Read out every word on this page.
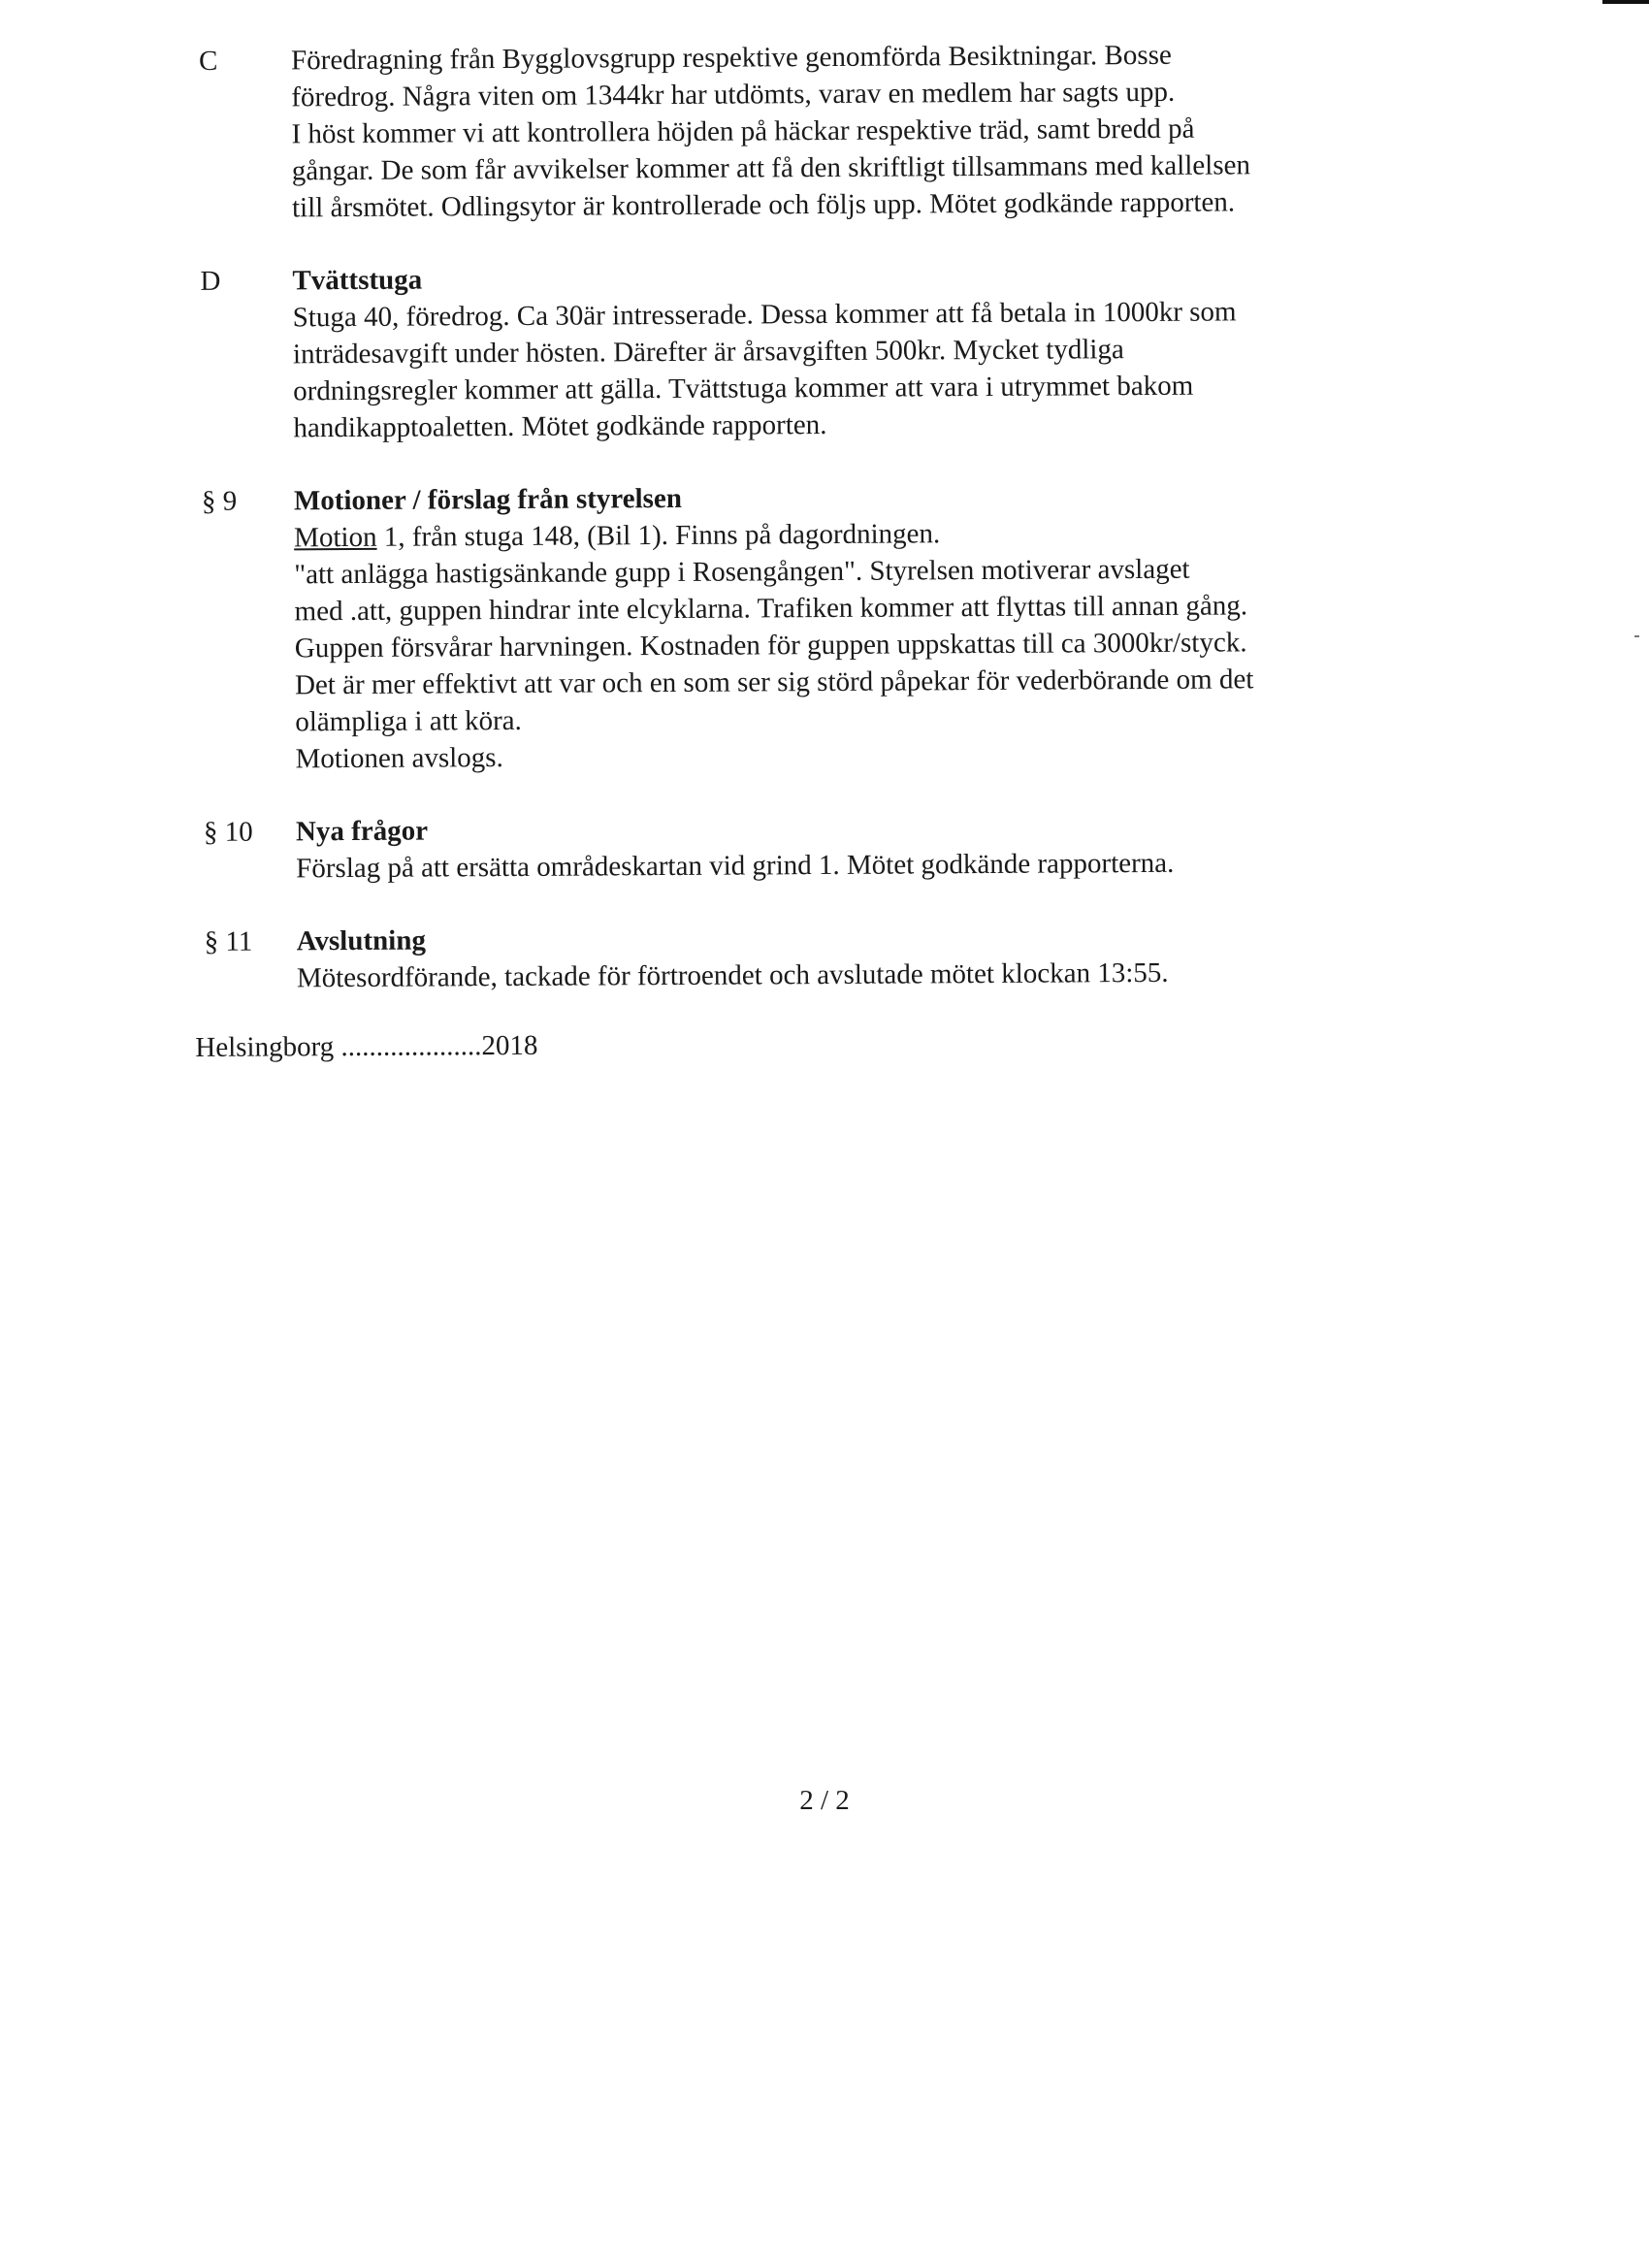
C	Föredragning från Bygglovsgrupp respektive genomförda Besiktningar. Bosse
föredrog. Några viten om 1344kr har utdömts, varav en medlem har sagts upp.
I höst kommer vi att kontrollera höjden på häckar respektive träd, samt bredd på
gångar. De som får avvikelser kommer att få den skriftligt tillsammans med kallelsen
till årsmötet. Odlingsytor är kontrollerade och följs upp. Mötet godkände rapporten.
D	Tvättstuga
Stuga 40, föredrog. Ca 30är intresserade. Dessa kommer att få betala in 1000kr som
inträdesavgift under hösten. Därefter är årsavgiften 500kr. Mycket tydliga
ordningsregler kommer att gälla. Tvättstuga kommer att vara i utrymmet bakom
handikapptoaletten. Mötet godkände rapporten.
§ 9 Motioner / förslag från styrelsen
Motion 1, från stuga 148, (Bil 1). Finns på dagordningen.
"att anlägga hastigsänkande gupp i Rosengången". Styrelsen motiverar avslaget
med .att, guppen hindrar inte elcyklarna. Trafiken kommer att flyttas till annan gång.
Guppen försvårar harvningen. Kostnaden för guppen uppskattas till ca 3000kr/styck.
Det är mer effektivt att var och en som ser sig störd påpekar för vederbörande om det
olämpliga i att köra.
Motionen avslogs.
§ 10 Nya frågor
Förslag på att ersätta områdeskartan vid grind 1. Mötet godkände rapporterna.
§ 11 Avslutning
Mötesordförande, tackade för förtroendet och avslutade mötet klockan 13:55.
Helsingborg ....................2018
2 / 2
